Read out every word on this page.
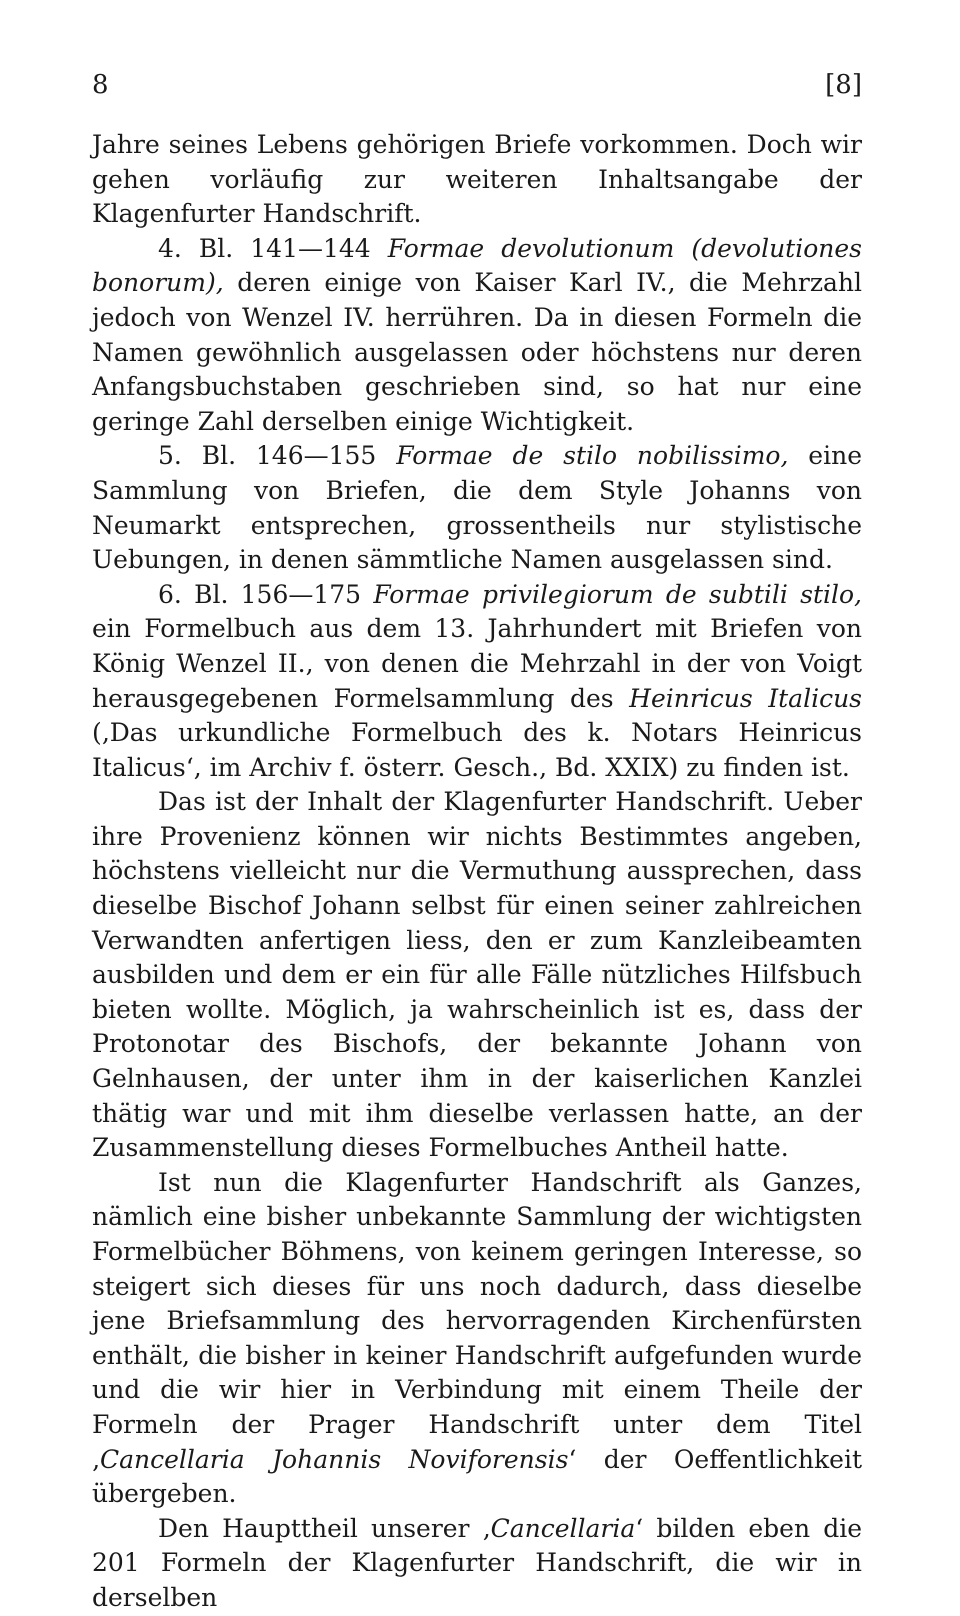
8	[8]

Jahre seines Lebens gehörigen Briefe vorkommen. Doch wir gehen vorläufig zur weiteren Inhaltsangabe der Klagenfurter Handschrift.

4. Bl. 141—144 Formae devolutionum (devolutiones bonorum), deren einige von Kaiser Karl IV., die Mehrzahl jedoch von Wenzel IV. herrühren. Da in diesen Formeln die Namen gewöhnlich ausgelassen oder höchstens nur deren Anfangsbuchstaben geschrieben sind, so hat nur eine geringe Zahl derselben einige Wichtigkeit.

5. Bl. 146—155 Formae de stilo nobilissimo, eine Sammlung von Briefen, die dem Style Johanns von Neumarkt entsprechen, grossentheils nur stylistische Uebungen, in denen sämmtliche Namen ausgelassen sind.

6. Bl. 156—175 Formae privilegiorum de subtili stilo, ein Formelbuch aus dem 13. Jahrhundert mit Briefen von König Wenzel II., von denen die Mehrzahl in der von Voigt herausgegebenen Formelsammlung des Heinricus Italicus (‚Das urkundliche Formelbuch des k. Notars Heinricus Italicus‘, im Archiv f. österr. Gesch., Bd. XXIX) zu finden ist.

Das ist der Inhalt der Klagenfurter Handschrift. Ueber ihre Provenienz können wir nichts Bestimmtes angeben, höchstens vielleicht nur die Vermuthung aussprechen, dass dieselbe Bischof Johann selbst für einen seiner zahlreichen Verwandten anfertigen liess, den er zum Kanzleibeamten ausbilden und dem er ein für alle Fälle nützliches Hilfsbuch bieten wollte. Möglich, ja wahrscheinlich ist es, dass der Protonotar des Bischofs, der bekannte Johann von Gelnhausen, der unter ihm in der kaiserlichen Kanzlei thätig war und mit ihm dieselbe verlassen hatte, an der Zusammenstellung dieses Formelbuches Antheil hatte.

Ist nun die Klagenfurter Handschrift als Ganzes, nämlich eine bisher unbekannte Sammlung der wichtigsten Formelbücher Böhmens, von keinem geringen Interesse, so steigert sich dieses für uns noch dadurch, dass dieselbe jene Briefsammlung des hervorragenden Kirchenfürsten enthält, die bisher in keiner Handschrift aufgefunden wurde und die wir hier in Verbindung mit einem Theile der Formeln der Prager Handschrift unter dem Titel ‚Cancellaria Johannis Noviforensis‘ der Oeffentlichkeit übergeben.

Den Haupttheil unserer ‚Cancellaria‘ bilden eben die 201 Formeln der Klagenfurter Handschrift, die wir in derselben
